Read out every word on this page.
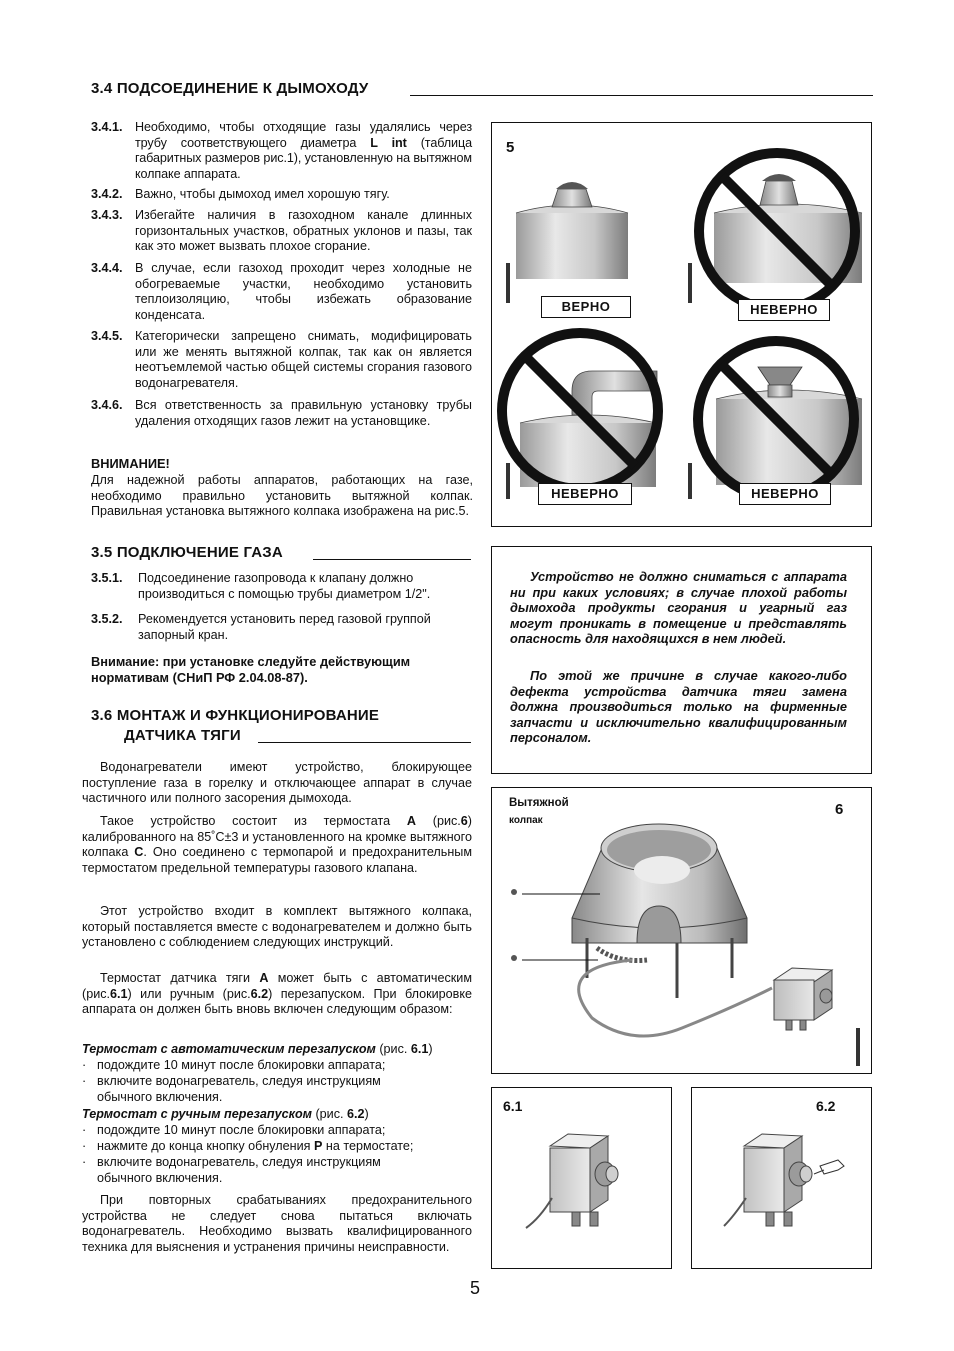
3.4 ПОДСОЕДИНЕНИЕ К ДЫМОХОДУ
3.4.1. Необходимо, чтобы отходящие газы удалялись через трубу соответствующего диаметра L int (таблица габаритных размеров рис.1), установленную на вытяжном колпаке аппарата.
3.4.2. Важно, чтобы дымоход имел хорошую тягу.
3.4.3. Избегайте наличия в газоходном канале длинных горизонтальных участков, обратных уклонов и пазы, так как это может вызвать плохое сгорание.
3.4.4. В случае, если газоход проходит через холодные не обогреваемые участки, необходимо установить теплоизоляцию, чтобы избежать образование конденсата.
3.4.5. Категорически запрещено снимать, модифицировать или же менять вытяжной колпак, так как он является неотъемлемой частью общей системы сгорания газового водонагревателя.
3.4.6. Вся ответственность за правильную установку трубы удаления отходящих газов лежит на установщике.
ВНИМАНИЕ!
Для надежной работы аппаратов, работающих на газе, необходимо правильно установить вытяжной колпак. Правильная установка вытяжного колпака изображена на рис.5.
3.5 ПОДКЛЮЧЕНИЕ ГАЗА
3.5.1. Подсоединение газопровода к клапану должно производиться с помощью трубы диаметром 1/2".
3.5.2. Рекомендуется установить перед газовой группой запорный кран.
Внимание: при установке следуйте действующим нормативам (СНиП РФ 2.04.08-87).
3.6 МОНТАЖ И ФУНКЦИОНИРОВАНИЕ
ДАТЧИКА ТЯГИ
Водонагреватели имеют устройство, блокирующее поступление газа в горелку и отключающее аппарат в случае частичного или полного засорения дымохода.
Такое устройство состоит из термостата A (рис.6) калиброванного на 85˚C±3 и установленного на кромке вытяжного колпака C. Оно соединено с термопарой и предохранительным термостатом предельной температуры газового клапана.
Этот устройство входит в комплект вытяжного колпака, который поставляется вместе с водонагревателем и должно быть установлено с соблюдением следующих инструкций.
Термостат датчика тяги A может быть с автоматическим (рис.6.1) или ручным (рис.6.2) перезапуском. При блокировке аппарата он должен быть вновь включен следующим образом:
Термостат с автоматическим перезапуском (рис. 6.1)
· подождите 10 минут после блокировки аппарата;
· включите водонагреватель, следуя инструкциям обычного включения.
Термостат с ручным перезапуском (рис. 6.2)
· подождите 10 минут после блокировки аппарата;
· нажмите до конца кнопку обнуления P на термостате;
· включите водонагреватель, следуя инструкциям обычного включения.
При повторных срабатываниях предохранительного устройства не следует снова пытаться включать водонагреватель. Необходимо вызвать квалифицированного техника для выяснения и устранения причины неисправности.
5
ВЕРНО	НЕВЕРНО
НЕВЕРНО	НЕВЕРНО
Устройство не должно сниматься с аппарата ни при каких условиях; в случае плохой работы дымохода продукты сгорания и угарный газ могут проникать в помещение и представлять опасность для находящихся в нем людей.
По этой же причине в случае какого-либо дефекта устройства датчика тяги замена должна производиться только на фирменные запчасти и исключительно квалифицированным персоналом.
Вытяжной
колпак
6
6.1	6.2
5
